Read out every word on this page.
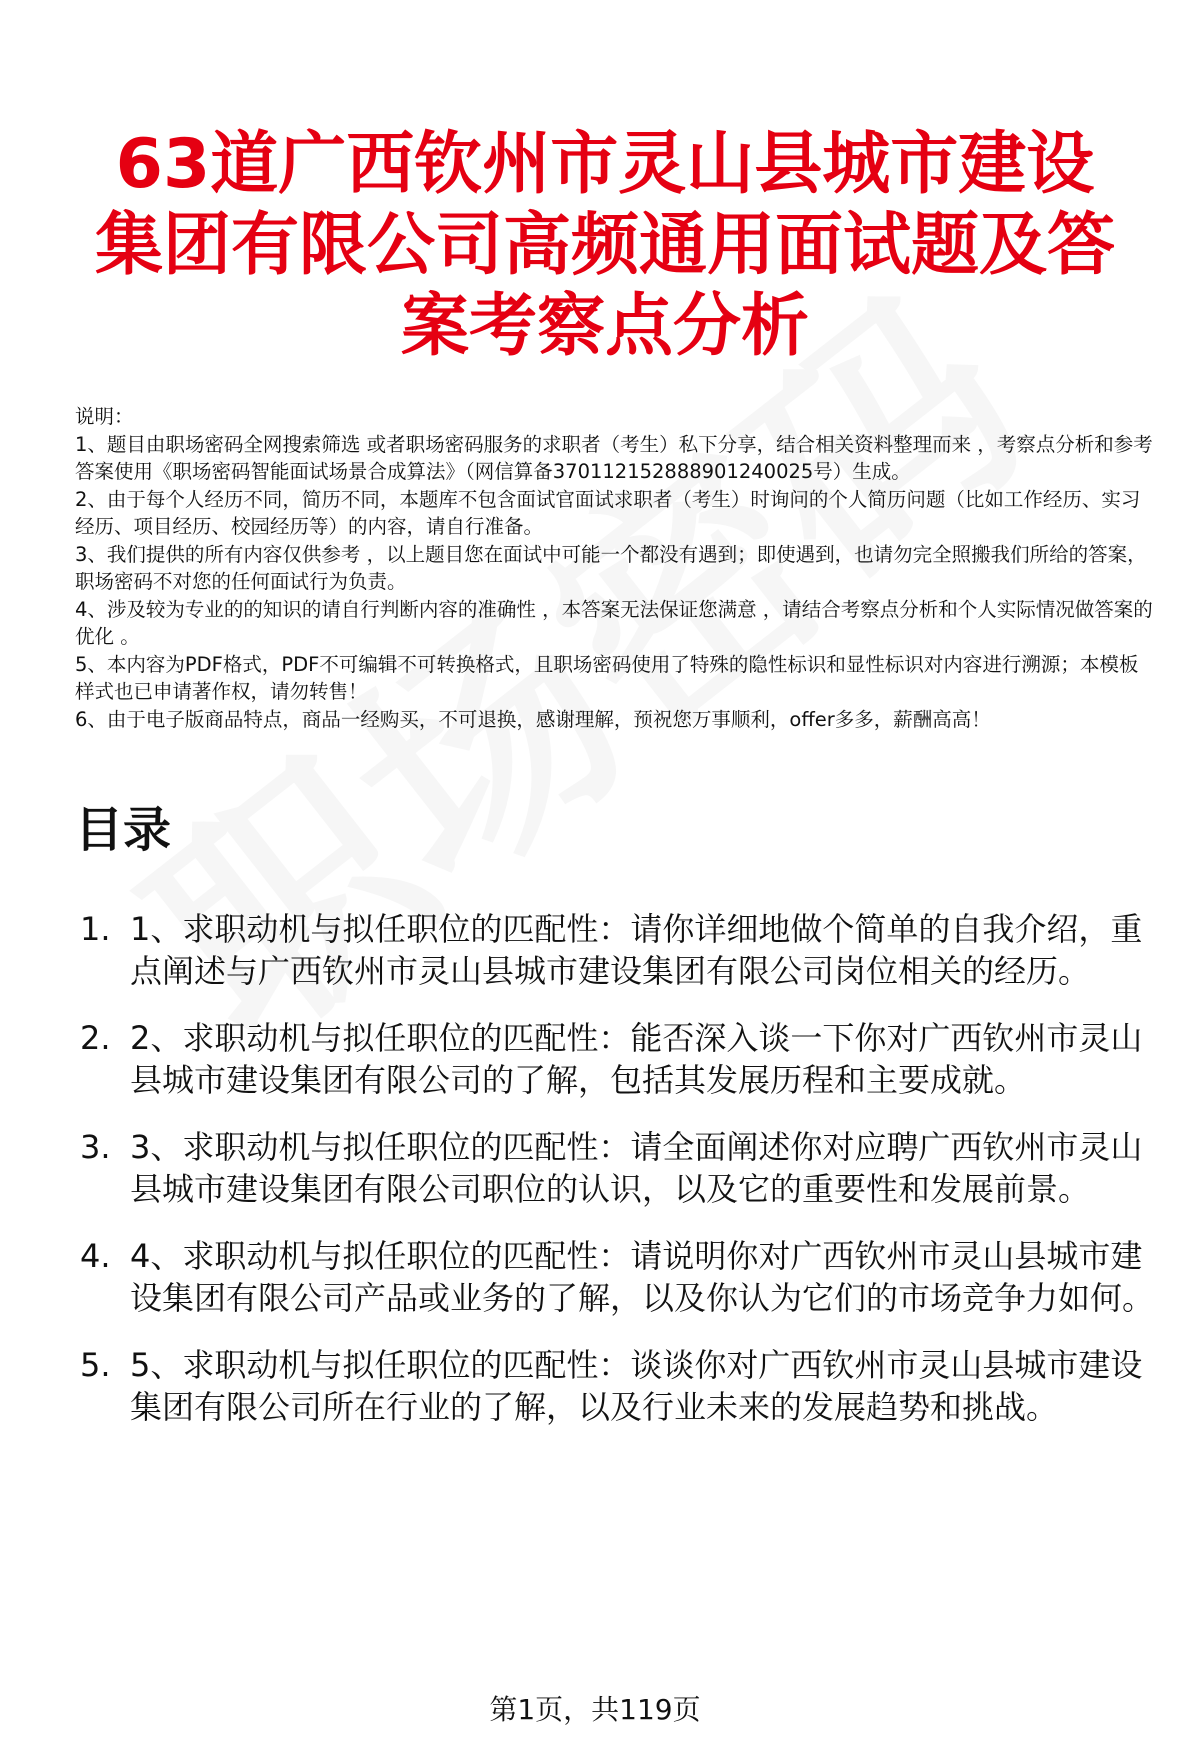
63道广西钦州市灵山县城市建设集团有限公司高频通用面试题及答案考察点分析

说明：

1、题目由职场密码全网搜索筛选 或者职场密码服务的求职者（考生）私下分享，结合相关资料整理而来 ，考察点分析和参考答案使用《职场密码智能面试场景合成算法》（网信算备370112152888901240025号）生成。

2、由于每个人经历不同，简历不同，本题库不包含面试官面试求职者（考生）时询问的个人简历问题（比如工作经历、实习经历、项目经历、校园经历等）的内容，请自行准备。

3、我们提供的所有内容仅供参考 ，以上题目您在面试中可能一个都没有遇到；即使遇到，也请勿完全照搬我们所给的答案，职场密码不对您的任何面试行为负责。

4、涉及较为专业的的知识的请自行判断内容的准确性 ，本答案无法保证您满意 ，请结合考察点分析和个人实际情况做答案的优化 。

5、本内容为PDF格式，PDF不可编辑不可转换格式，且职场密码使用了特殊的隐性标识和显性标识对内容进行溯源；本模板样式也已申请著作权，请勿转售！

6、由于电子版商品特点，商品一经购买，不可退换，感谢理解，预祝您万事顺利，offer多多，薪酬高高！

目录
1. 1、求职动机与拟任职位的匹配性：请你详细地做个简单的自我介绍，重点阐述与广西钦州市灵山县城市建设集团有限公司岗位相关的经历。
2. 2、求职动机与拟任职位的匹配性：能否深入谈一下你对广西钦州市灵山县城市建设集团有限公司的了解，包括其发展历程和主要成就。
3. 3、求职动机与拟任职位的匹配性：请全面阐述你对应聘广西钦州市灵山县城市建设集团有限公司职位的认识，以及它的重要性和发展前景。
4. 4、求职动机与拟任职位的匹配性：请说明你对广西钦州市灵山县城市建设集团有限公司产品或业务的了解，以及你认为它们的市场竞争力如何。
5. 5、求职动机与拟任职位的匹配性：谈谈你对广西钦州市灵山县城市建设集团有限公司所在行业的了解，以及行业未来的发展趋势和挑战。
第1页，共119页
